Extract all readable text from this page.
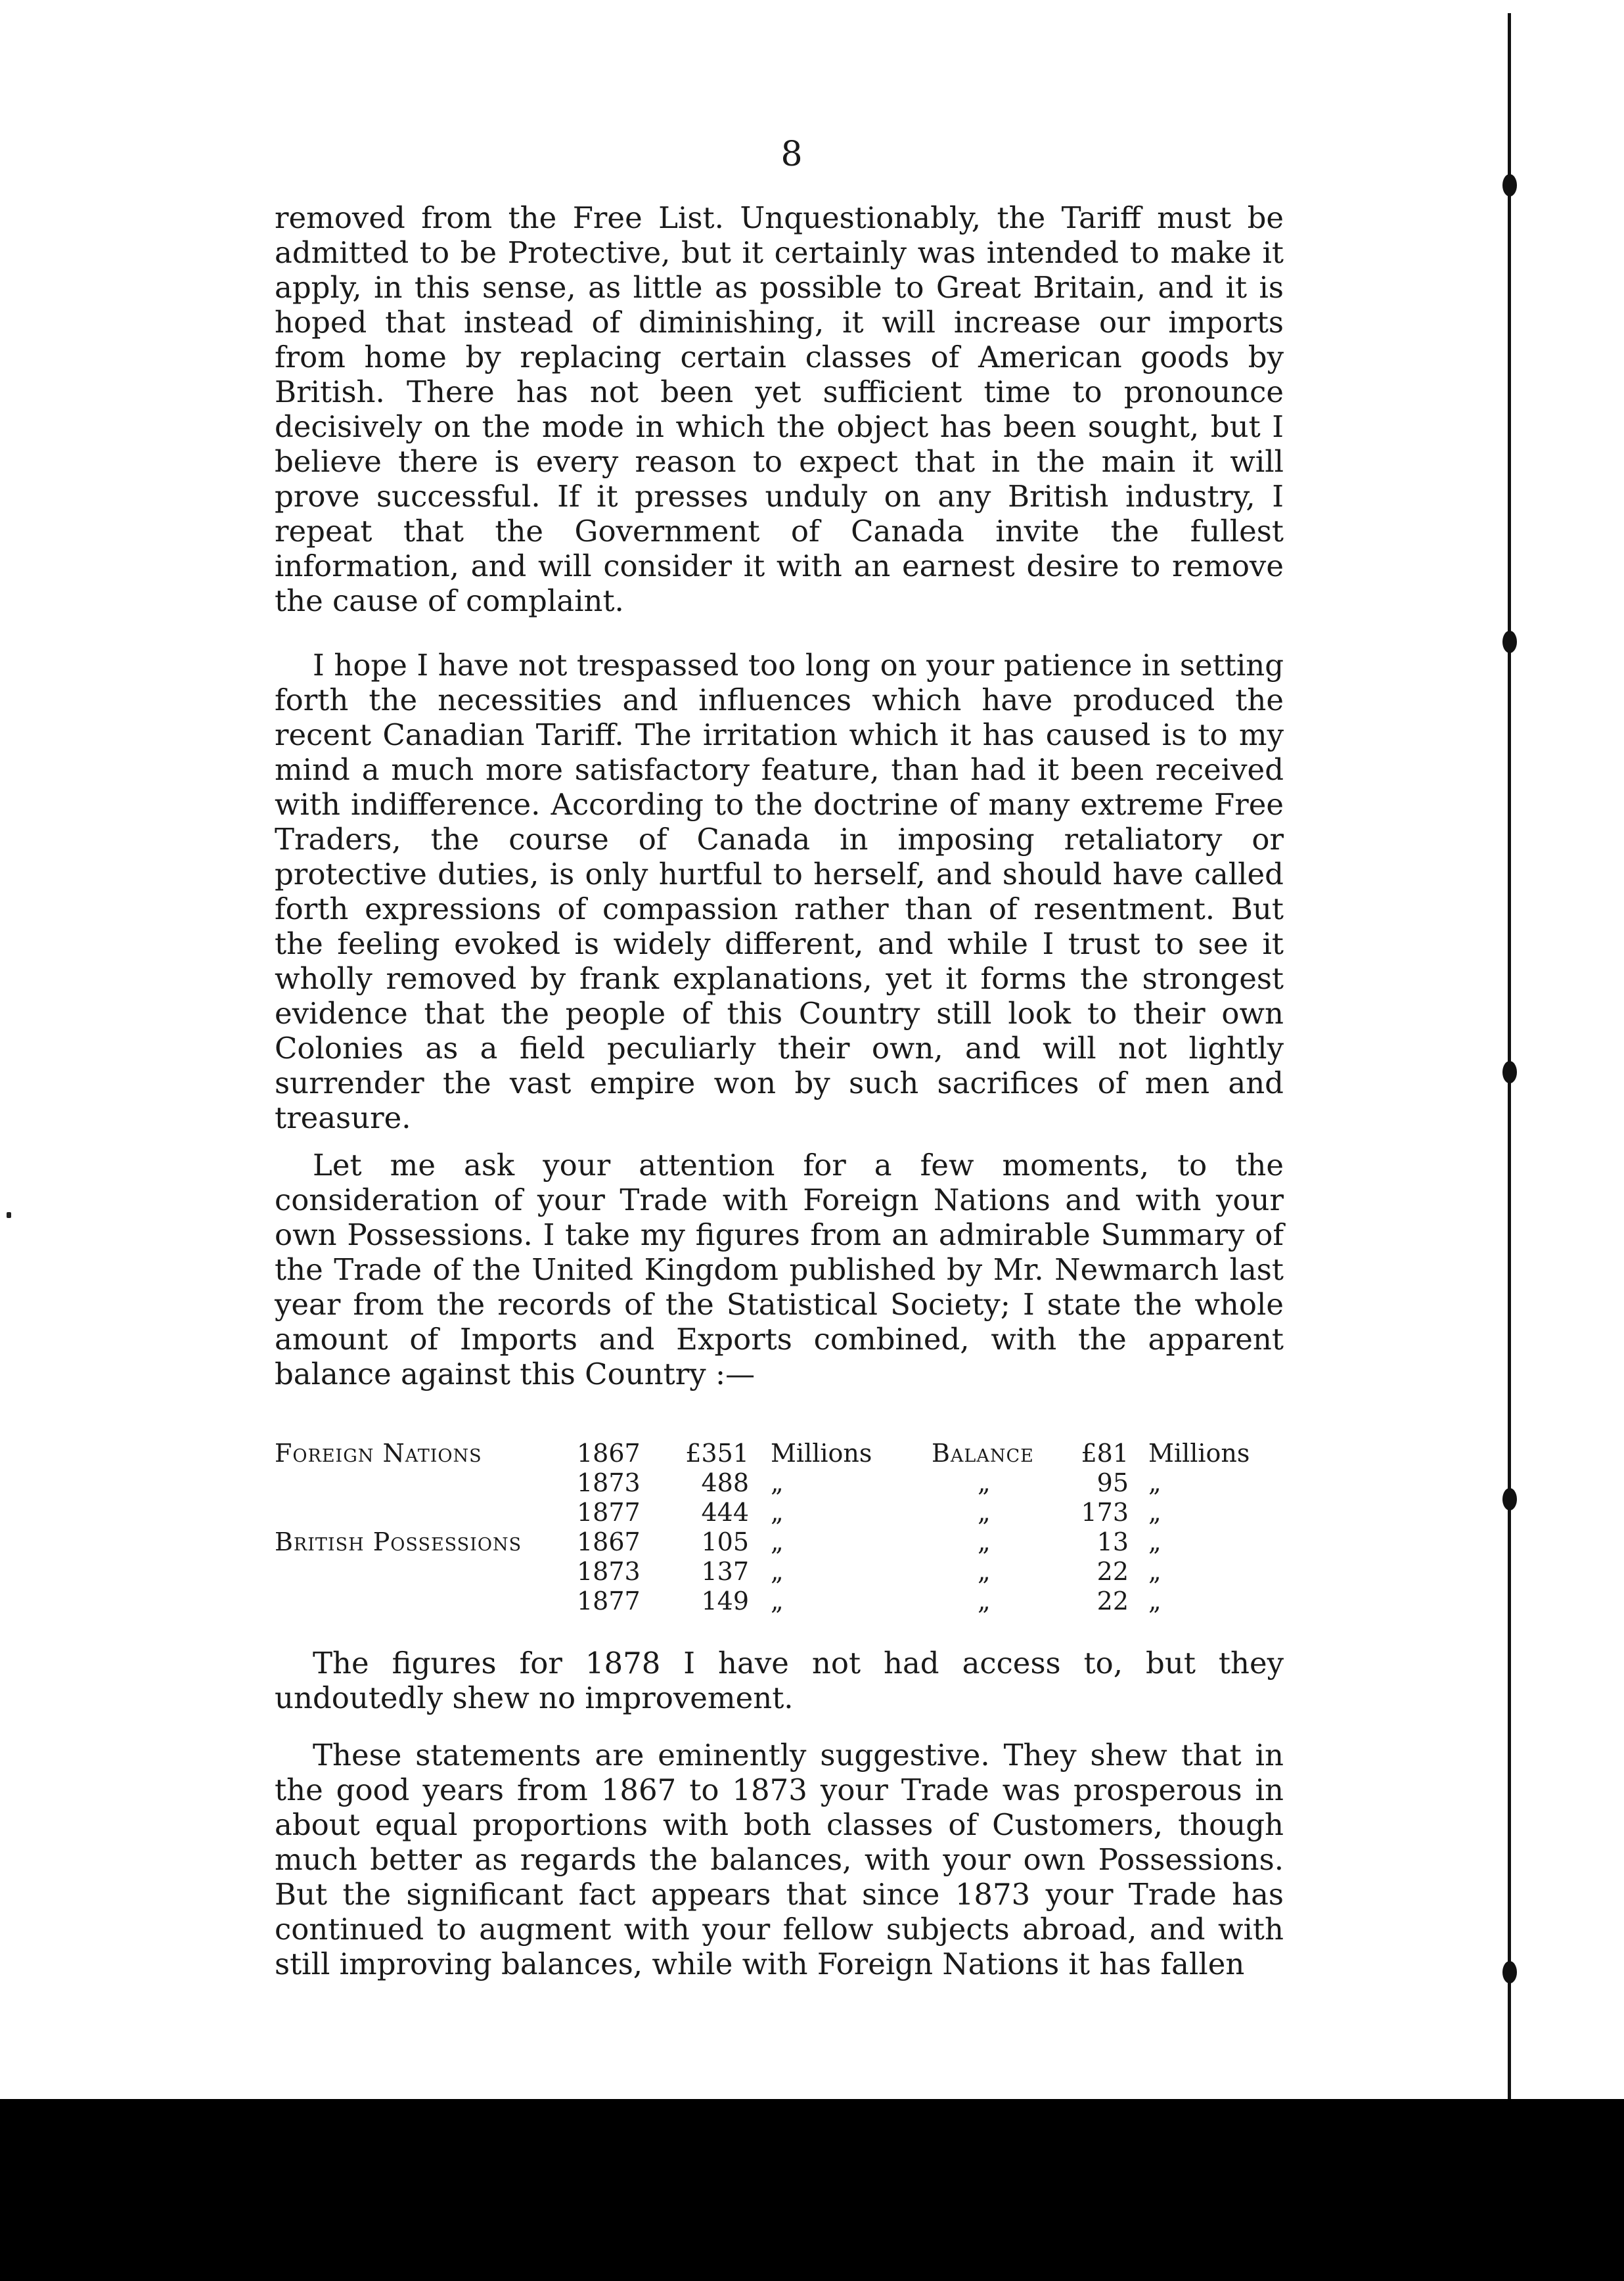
8

removed from the Free List. Unquestionably, the Tariff must be admitted to be Protective, but it certainly was intended to make it apply, in this sense, as little as possible to Great Britain, and it is hoped that instead of diminishing, it will increase our imports from home by replacing certain classes of American goods by British. There has not been yet sufficient time to pronounce decisively on the mode in which the object has been sought, but I believe there is every reason to expect that in the main it will prove successful. If it presses unduly on any British industry, I repeat that the Government of Canada invite the fullest information, and will consider it with an earnest desire to remove the cause of complaint.

I hope I have not trespassed too long on your patience in setting forth the necessities and influences which have produced the recent Canadian Tariff. The irritation which it has caused is to my mind a much more satisfactory feature, than had it been received with indifference. According to the doctrine of many extreme Free Traders, the course of Canada in imposing retaliatory or protective duties, is only hurtful to herself, and should have called forth expressions of compassion rather than of resentment. But the feeling evoked is widely different, and while I trust to see it wholly removed by frank explanations, yet it forms the strongest evidence that the people of this Country still look to their own Colonies as a field peculiarly their own, and will not lightly surrender the vast empire won by such sacrifices of men and treasure.

Let me ask your attention for a few moments, to the consideration of your Trade with Foreign Nations and with your own Possessions. I take my figures from an admirable Summary of the Trade of the United Kingdom published by Mr. Newmarch last year from the records of the Statistical Society; I state the whole amount of Imports and Exports combined, with the apparent balance against this Country :—

Foreign Nations	1867	£351 Millions Balance	£81 Millions
1873	488 „	„	95 „
1877	444 „	„	173 „
British Possessions 1867	105 „	„	13 „
1873	137 „	„	22 „
1877	149 „	„	22 „

The figures for 1878 I have not had access to, but they undoutedly shew no improvement.

These statements are eminently suggestive. They shew that in the good years from 1867 to 1873 your Trade was prosperous in about equal proportions with both classes of Customers, though much better as regards the balances, with your own Possessions. But the significant fact appears that since 1873 your Trade has continued to augment with your fellow subjects abroad, and with still improving balances, while with Foreign Nations it has fallen
